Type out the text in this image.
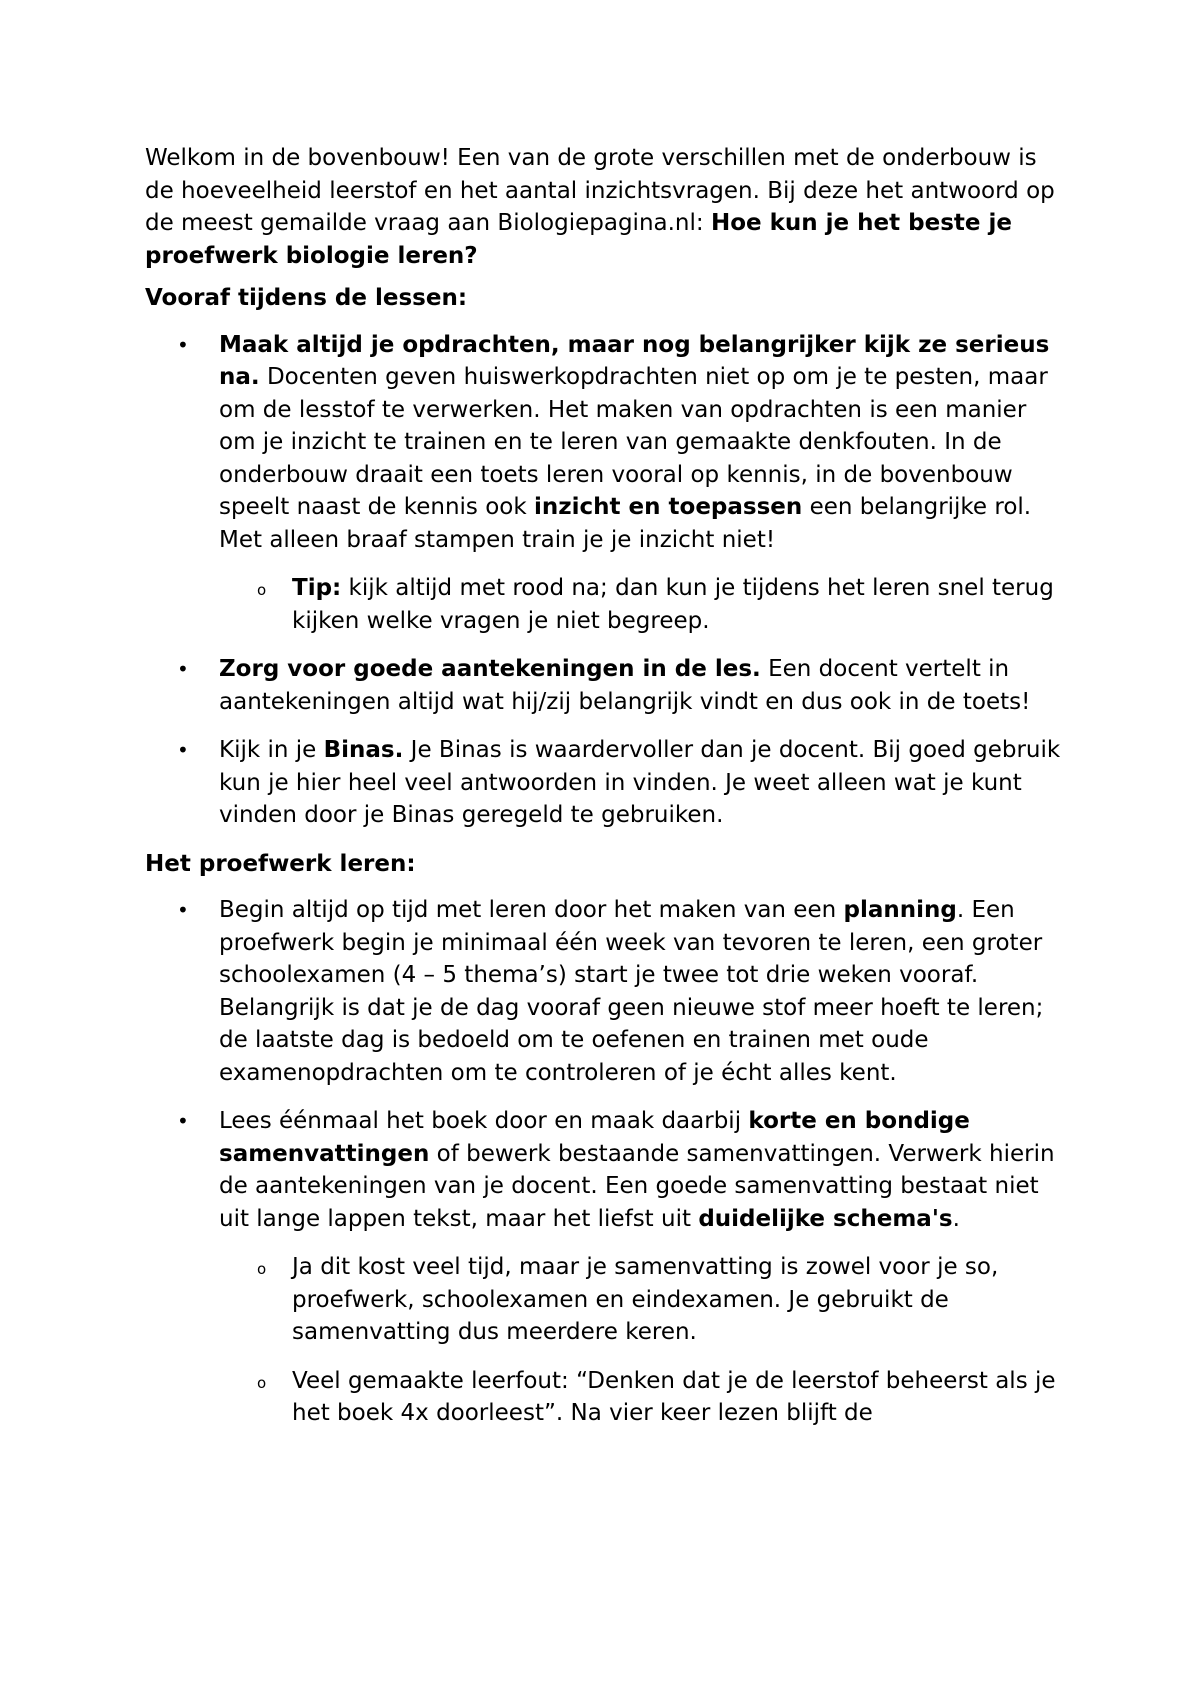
Welkom in de bovenbouw! Een van de grote verschillen met de onderbouw is de hoeveelheid leerstof en het aantal inzichtsvragen. Bij deze het antwoord op de meest gemailde vraag aan Biologiepagina.nl: Hoe kun je het beste je proefwerk biologie leren?

Vooraf tijdens de lessen:

• Maak altijd je opdrachten, maar nog belangrijker kijk ze serieus na. Docenten geven huiswerkopdrachten niet op om je te pesten, maar om de lesstof te verwerken. Het maken van opdrachten is een manier om je inzicht te trainen en te leren van gemaakte denkfouten. In de onderbouw draait een toets leren vooral op kennis, in de bovenbouw speelt naast de kennis ook inzicht en toepassen een belangrijke rol. Met alleen braaf stampen train je je inzicht niet!
o Tip: kijk altijd met rood na; dan kun je tijdens het leren snel terug kijken welke vragen je niet begreep.
• Zorg voor goede aantekeningen in de les. Een docent vertelt in aantekeningen altijd wat hij/zij belangrijk vindt en dus ook in de toets!
• Kijk in je Binas. Je Binas is waardervoller dan je docent. Bij goed gebruik kun je hier heel veel antwoorden in vinden. Je weet alleen wat je kunt vinden door je Binas geregeld te gebruiken.

Het proefwerk leren:

• Begin altijd op tijd met leren door het maken van een planning. Een proefwerk begin je minimaal één week van tevoren te leren, een groter schoolexamen (4 – 5 thema’s) start je twee tot drie weken vooraf. Belangrijk is dat je de dag vooraf geen nieuwe stof meer hoeft te leren; de laatste dag is bedoeld om te oefenen en trainen met oude examenopdrachten om te controleren of je écht alles kent.
• Lees éénmaal het boek door en maak daarbij korte en bondige samenvattingen of bewerk bestaande samenvattingen. Verwerk hierin de aantekeningen van je docent. Een goede samenvatting bestaat niet uit lange lappen tekst, maar het liefst uit duidelijke schema's.
o Ja dit kost veel tijd, maar je samenvatting is zowel voor je so, proefwerk, schoolexamen en eindexamen. Je gebruikt de samenvatting dus meerdere keren.
o Veel gemaakte leerfout: “Denken dat je de leerstof beheerst als je het boek 4x doorleest”. Na vier keer lezen blijft de
